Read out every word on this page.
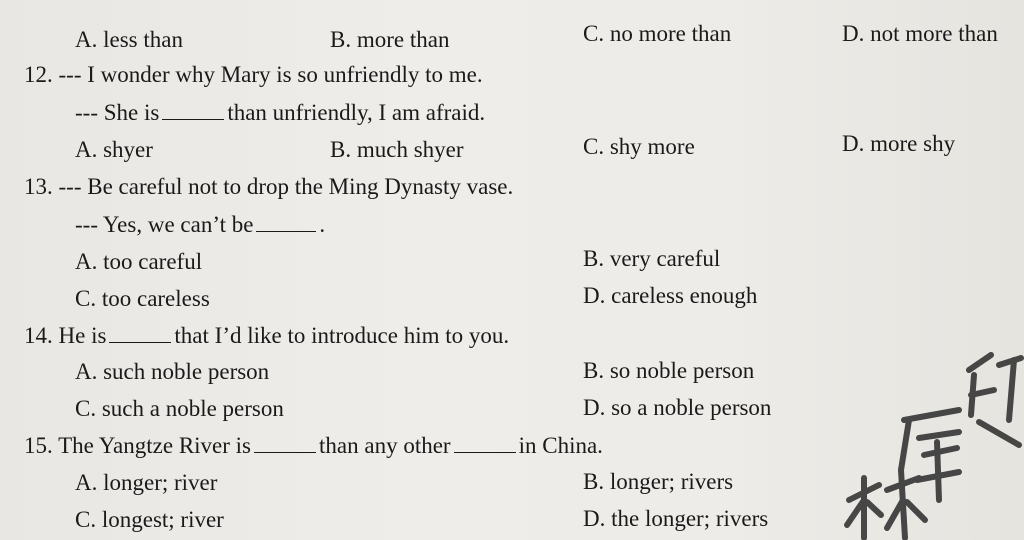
A. less than	B. more than	C. no more than	D. not more than
12. --- I wonder why Mary is so unfriendly to me.
--- She is	than unfriendly, I am afraid.
A. shyer	B. much shyer	C. shy more	D. more shy
13. --- Be careful not to drop the Ming Dynasty vase.
--- Yes, we can’t be	.
A. too careful	B. very careful
C. too careless	D. careless enough
14. He is	that I’d like to introduce him to you.
A. such noble person	B. so noble person
C. such a noble person	D. so a noble person
15. The Yangtze River is	than any other	in China.
A. longer; river	B. longer; rivers
C. longest; river	D. the longer; rivers
